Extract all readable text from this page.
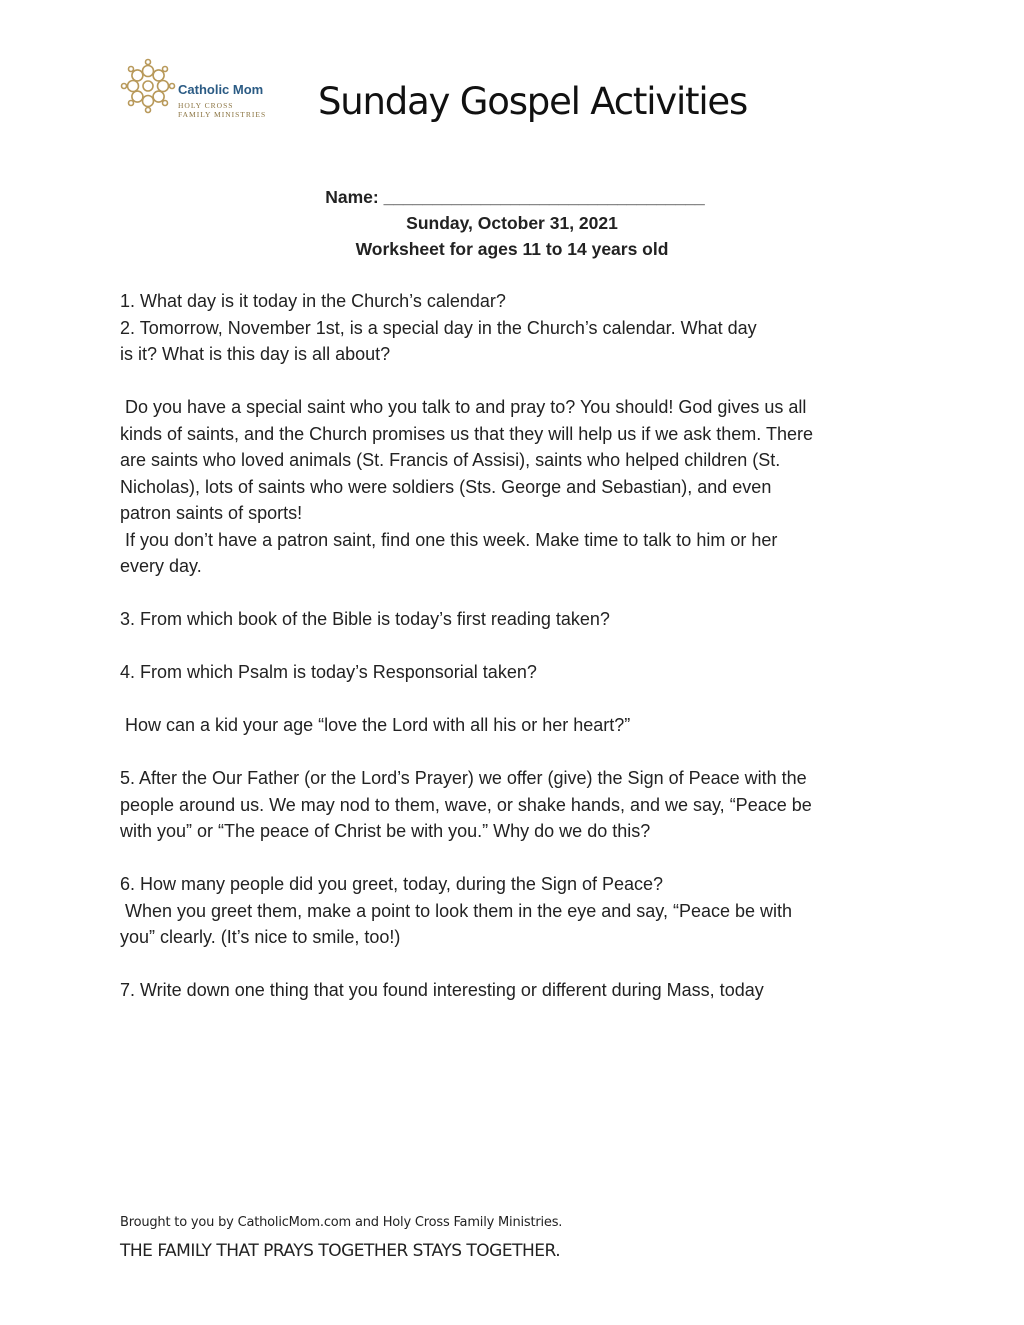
Catholic Mom
HOLY CROSS
FAMILY MINISTRIES Sunday Gospel Activities
Name: _________________________________
Sunday, October 31, 2021
Worksheet for ages 11 to 14 years old

1. What day is it today in the Church’s calendar?
2. Tomorrow, November 1st, is a special day in the Church’s calendar. What day
is it? What is this day is all about?

Do you have a special saint who you talk to and pray to? You should! God gives us all
kinds of saints, and the Church promises us that they will help us if we ask them. There
are saints who loved animals (St. Francis of Assisi), saints who helped children (St.
Nicholas), lots of saints who were soldiers (Sts. George and Sebastian), and even
patron saints of sports!
If you don’t have a patron saint, find one this week. Make time to talk to him or her
every day.

3. From which book of the Bible is today’s first reading taken?

4. From which Psalm is today’s Responsorial taken?

How can a kid your age “love the Lord with all his or her heart?”

5. After the Our Father (or the Lord’s Prayer) we offer (give) the Sign of Peace with the
people around us. We may nod to them, wave, or shake hands, and we say, “Peace be
with you” or “The peace of Christ be with you.” Why do we do this?

6. How many people did you greet, today, during the Sign of Peace?
When you greet them, make a point to look them in the eye and say, “Peace be with
you” clearly. (It’s nice to smile, too!)

7. Write down one thing that you found interesting or different during Mass, today

Brought to you by CatholicMom.com and Holy Cross Family Ministries.
THE FAMILY THAT PRAYS TOGETHER STAYS TOGETHER.
